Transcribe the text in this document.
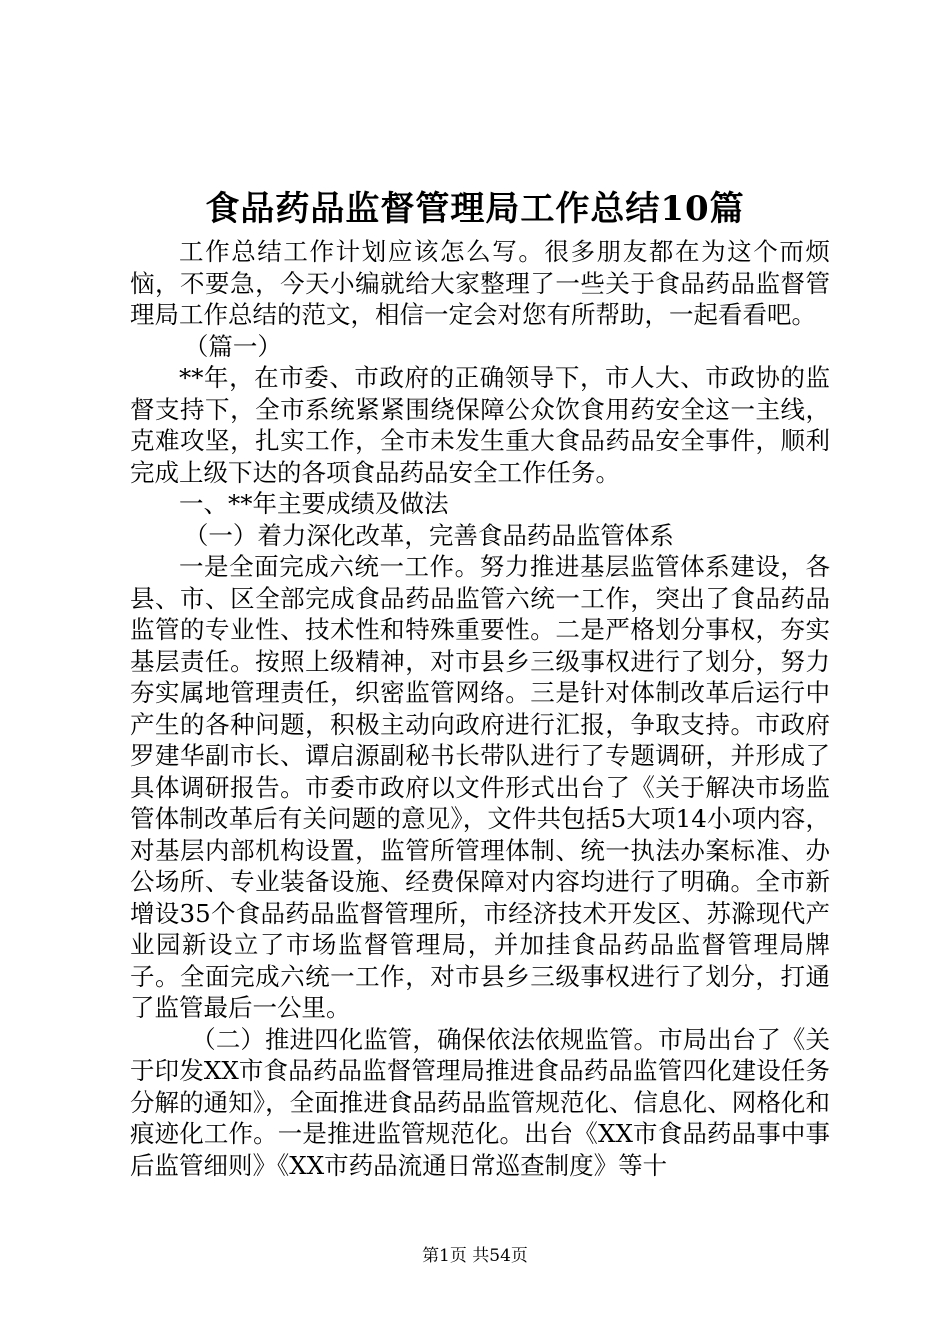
食品药品监督管理局工作总结10篇

工作总结工作计划应该怎么写。很多朋友都在为这个而烦恼，不要急，今天小编就给大家整理了一些关于食品药品监督管理局工作总结的范文，相信一定会对您有所帮助，一起看看吧。

（篇一）

**年，在市委、市政府的正确领导下，市人大、市政协的监督支持下，全市系统紧紧围绕保障公众饮食用药安全这一主线，克难攻坚，扎实工作，全市未发生重大食品药品安全事件，顺利完成上级下达的各项食品药品安全工作任务。

一、**年主要成绩及做法

（一）着力深化改革，完善食品药品监管体系

一是全面完成六统一工作。努力推进基层监管体系建设，各县、市、区全部完成食品药品监管六统一工作，突出了食品药品监管的专业性、技术性和特殊重要性。二是严格划分事权，夯实基层责任。按照上级精神，对市县乡三级事权进行了划分，努力夯实属地管理责任，织密监管网络。三是针对体制改革后运行中产生的各种问题，积极主动向政府进行汇报，争取支持。市政府罗建华副市长、谭启源副秘书长带队进行了专题调研，并形成了具体调研报告。市委市政府以文件形式出台了《关于解决市场监管体制改革后有关问题的意见》，文件共包括5大项14小项内容，对基层内部机构设置，监管所管理体制、统一执法办案标准、办公场所、专业装备设施、经费保障对内容均进行了明确。全市新增设35个食品药品监督管理所，市经济技术开发区、苏滁现代产业园新设立了市场监督管理局，并加挂食品药品监督管理局牌子。全面完成六统一工作，对市县乡三级事权进行了划分，打通了监管最后一公里。

（二）推进四化监管，确保依法依规监管。市局出台了《关于印发XX市食品药品监督管理局推进食品药品监管四化建设任务分解的通知》，全面推进食品药品监管规范化、信息化、网格化和痕迹化工作。一是推进监管规范化。出台《XX市食品药品事中事后监管细则》《XX市药品流通日常巡查制度》等十

第1页 共54页
